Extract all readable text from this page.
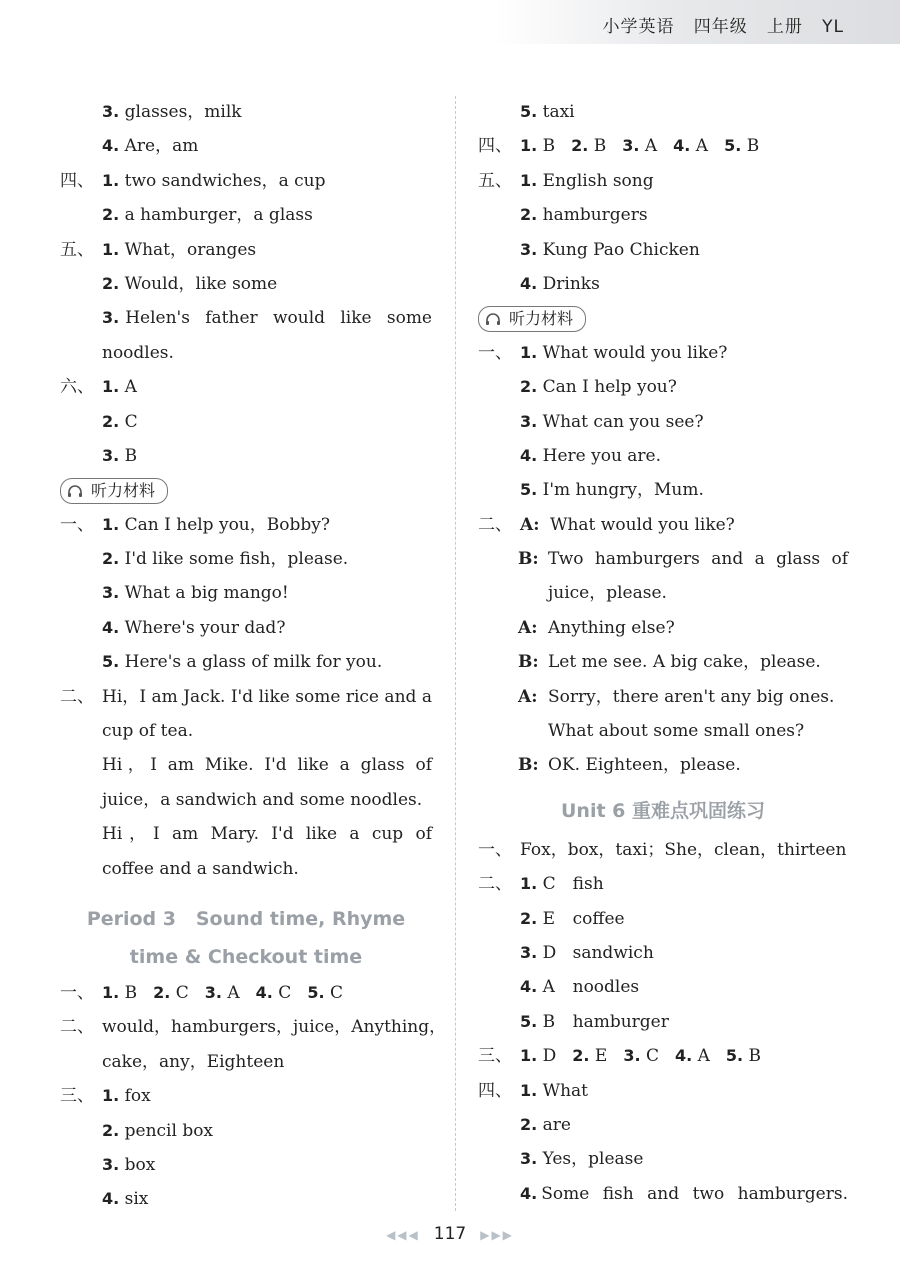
小学英语   四年级   上册   YL
3. glasses，milk
4. Are，am
四、 1. two sandwiches，a cup
2. a hamburger，a glass
五、 1. What，oranges
2. Would，like some
3. Helen's father would like some
noodles.
六、 1. A
2. C
3. B
听力材料
一、 1. Can I help you，Bobby?
2. I'd like some fish，please.
3. What a big mango!
4. Where's your dad?
5. Here's a glass of milk for you.
二、 Hi，I am Jack. I'd like some rice and a
cup of tea.
Hi，I am Mike. I'd like a glass of
juice，a sandwich and some noodles.
Hi，I am Mary. I'd like a cup of
coffee and a sandwich.
Period 3   Sound time, Rhyme
time & Checkout time
一、 1. B 2. C 3. A 4. C 5. C
二、 would，hamburgers，juice，Anything，
cake，any，Eighteen
三、 1. fox
2. pencil box
3. box
4. six
5. taxi
四、 1. B 2. B 3. A 4. A 5. B
五、 1. English song
2. hamburgers
3. Kung Pao Chicken
4. Drinks
听力材料
一、 1. What would you like?
2. Can I help you?
3. What can you see?
4. Here you are.
5. I'm hungry，Mum.
二、 A: What would you like?
B: Two hamburgers and a glass of
juice，please.
A: Anything else?
B: Let me see. A big cake，please.
A: Sorry，there aren't any big ones.
What about some small ones?
B: OK. Eighteen，please.
Unit 6 重难点巩固练习
一、 Fox，box，taxi；She，clean，thirteen
二、 1. C fish
2. E coffee
3. D sandwich
4. A noodles
5. B hamburger
三、 1. D 2. E 3. C 4. A 5. B
四、 1. What
2. are
3. Yes，please
4. Some fish and two hamburgers.
◀◀◀ 117 ▶▶▶
